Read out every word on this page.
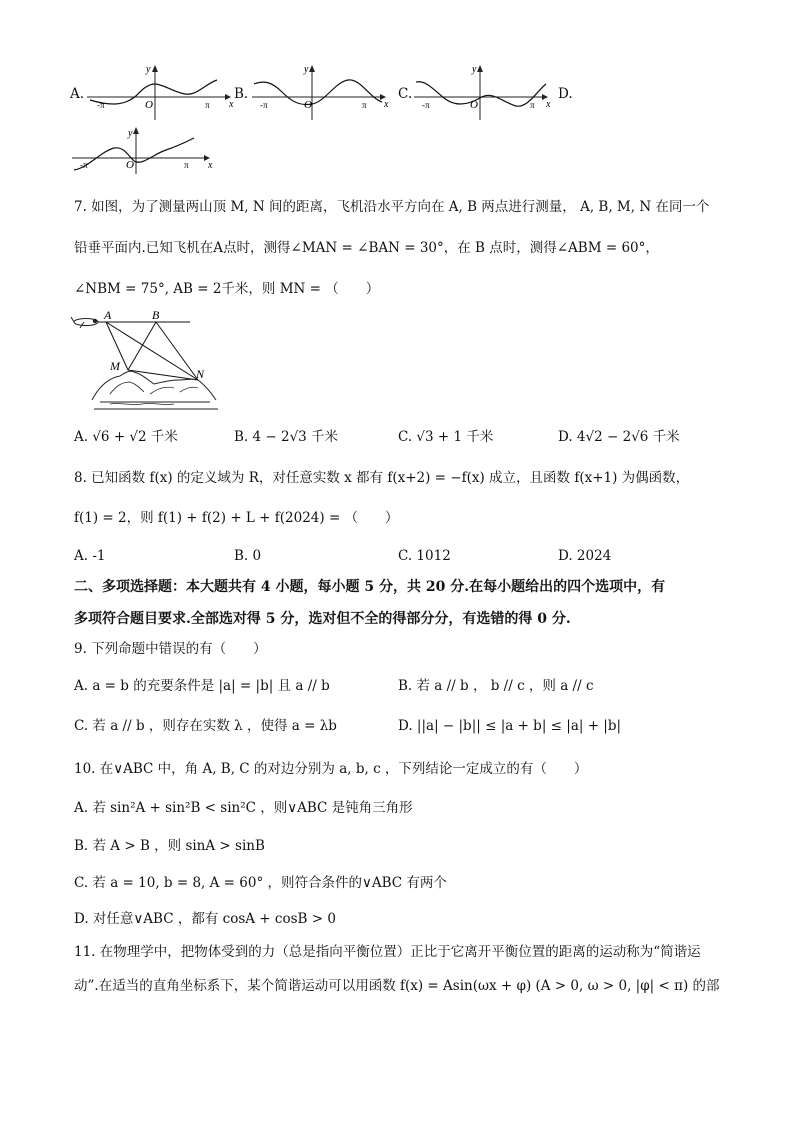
A.	B.	C.	D.
y
x
O
-π	π
y
x
O
-π	π
y
x
O
-π	π
y
x
O
-π	π
7. 如图，为了测量两山顶 M, N 间的距离，飞机沿水平方向在 A, B 两点进行测量， A, B, M, N 在同一个
铅垂平面内.已知飞机在A点时，测得∠MAN = ∠BAN = 30°，在 B 点时，测得∠ABM = 60°，
∠NBM = 75°, AB = 2千米，则 MN = （　　）
A	B
M
N
A. √6 + √2 千米	B. 4 − 2√3 千米	C. √3 + 1 千米	D. 4√2 − 2√6 千米
8. 已知函数 f(x) 的定义域为 R，对任意实数 x 都有 f(x+2) = −f(x) 成立，且函数 f(x+1) 为偶函数，
f(1) = 2，则 f(1) + f(2) + L + f(2024) = （　　）
A. -1	B. 0	C. 1012	D. 2024
二、多项选择题：本大题共有 4 小题，每小题 5 分，共 20 分.在每小题给出的四个选项中，有
多项符合题目要求.全部选对得 5 分，选对但不全的得部分分，有选错的得 0 分.
9. 下列命题中错误的有（　　）
A. a = b 的充要条件是 |a| = |b| 且 a // b	B. 若 a // b ， b // c ，则 a // c
C. 若 a // b ，则存在实数 λ ，使得 a = λb	D. ||a| − |b|| ≤ |a + b| ≤ |a| + |b|
10. 在∨ABC 中，角 A, B, C 的对边分别为 a, b, c ，下列结论一定成立的有（　　）
A. 若 sin²A + sin²B < sin²C ，则∨ABC 是钝角三角形
B. 若 A > B ，则 sinA > sinB
C. 若 a = 10, b = 8, A = 60° ，则符合条件的∨ABC 有两个
D. 对任意∨ABC ，都有 cosA + cosB > 0
11. 在物理学中，把物体受到的力（总是指向平衡位置）正比于它离开平衡位置的距离的运动称为“简谐运
动”.在适当的直角坐标系下，某个简谐运动可以用函数 f(x) = Asin(ωx + φ) (A > 0, ω > 0, |φ| < π) 的部
